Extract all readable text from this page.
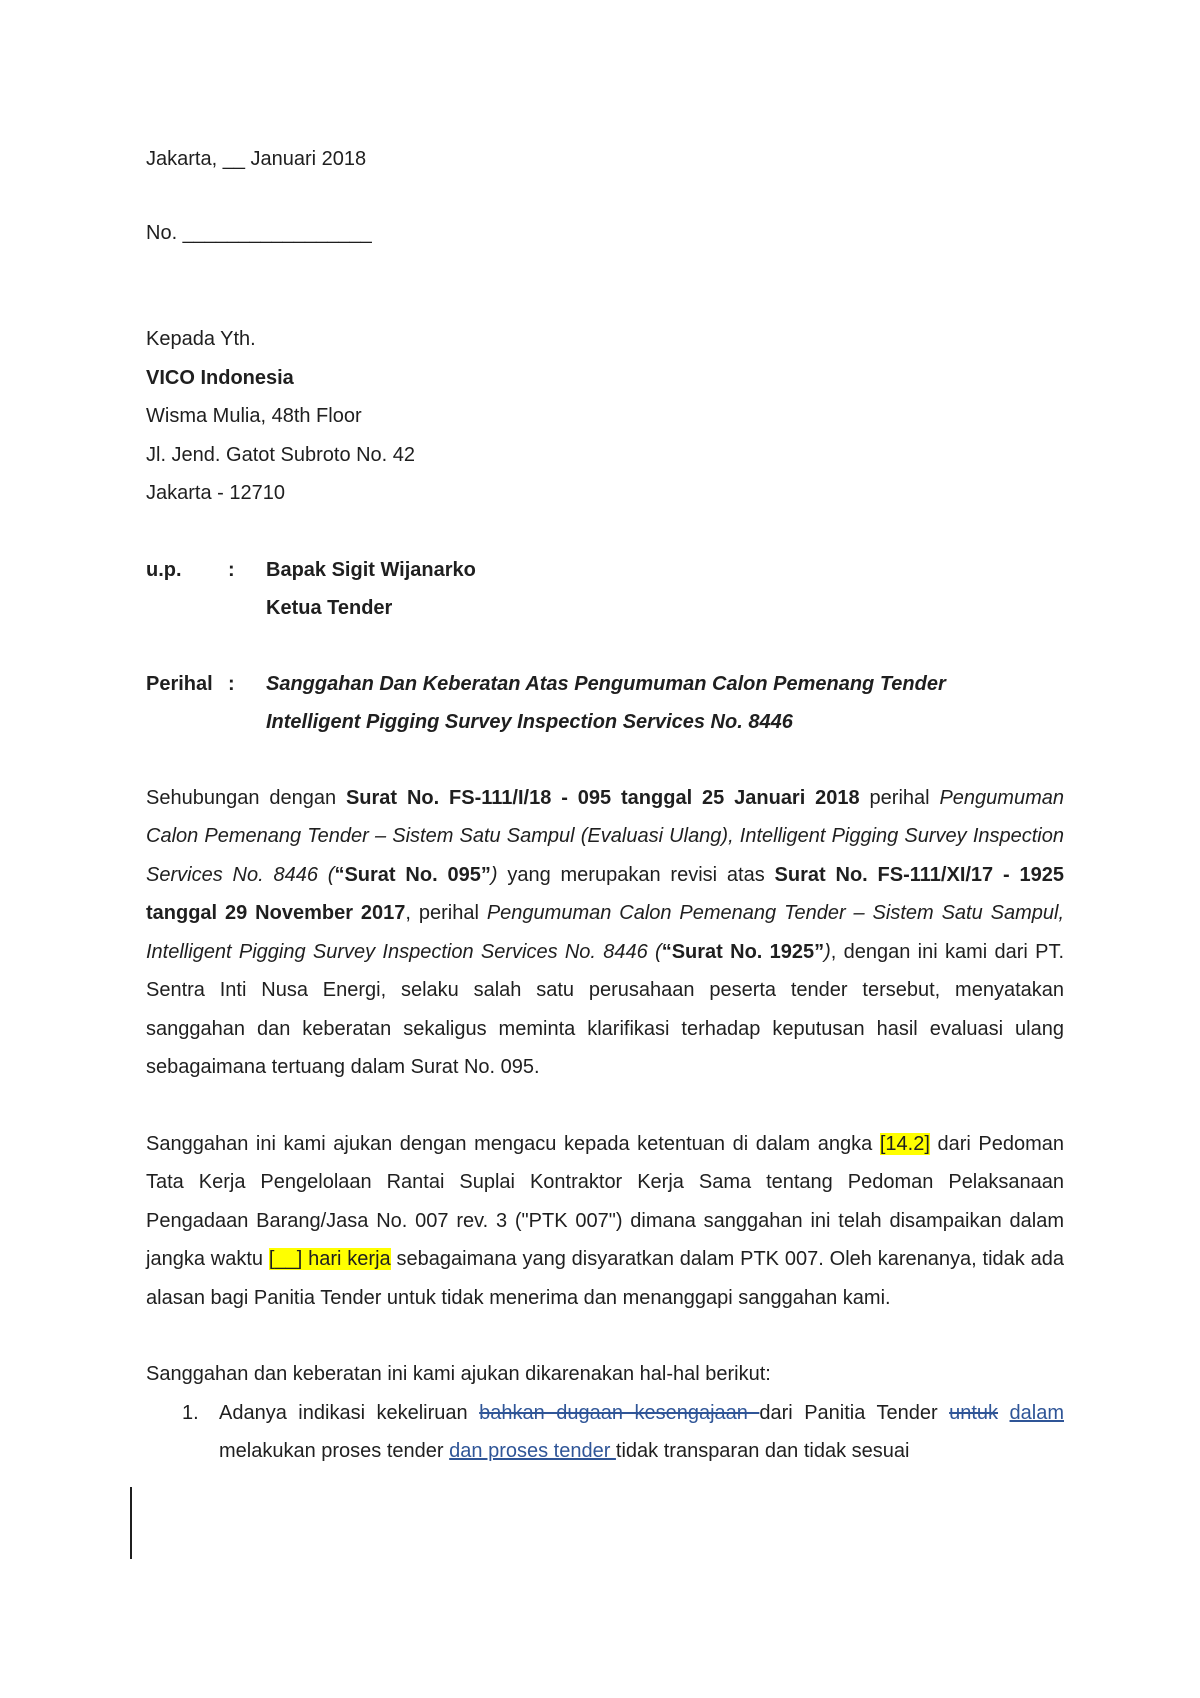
Jakarta, __ Januari 2018
No. _________________
Kepada Yth.
VICO Indonesia
Wisma Mulia, 48th Floor
Jl. Jend. Gatot Subroto No. 42
Jakarta - 12710
u.p.	:	Bapak Sigit Wijanarko
Ketua Tender
Perihal :	Sanggahan Dan Keberatan Atas Pengumuman Calon Pemenang Tender
Intelligent Pigging Survey Inspection Services No. 8446

Sehubungan dengan Surat No. FS-111/I/18 - 095 tanggal 25 Januari 2018 perihal Pengumuman Calon Pemenang Tender – Sistem Satu Sampul (Evaluasi Ulang), Intelligent Pigging Survey Inspection Services No. 8446 (“Surat No. 095”) yang merupakan revisi atas Surat No. FS-111/XI/17 - 1925 tanggal 29 November 2017, perihal Pengumuman Calon Pemenang Tender – Sistem Satu Sampul, Intelligent Pigging Survey Inspection Services No. 8446 (“Surat No. 1925”), dengan ini kami dari PT. Sentra Inti Nusa Energi, selaku salah satu perusahaan peserta tender tersebut, menyatakan sanggahan dan keberatan sekaligus meminta klarifikasi terhadap keputusan hasil evaluasi ulang sebagaimana tertuang dalam Surat No. 095.

Sanggahan ini kami ajukan dengan mengacu kepada ketentuan di dalam angka [14.2] dari Pedoman Tata Kerja Pengelolaan Rantai Suplai Kontraktor Kerja Sama tentang Pedoman Pelaksanaan Pengadaan Barang/Jasa No. 007 rev. 3 ("PTK 007") dimana sanggahan ini telah disampaikan dalam jangka waktu [__] hari kerja sebagaimana yang disyaratkan dalam PTK 007. Oleh karenanya, tidak ada alasan bagi Panitia Tender untuk tidak menerima dan menanggapi sanggahan kami.

Sanggahan dan keberatan ini kami ajukan dikarenakan hal-hal berikut:
1.	Adanya indikasi kekeliruan bahkan dugaan kesengajaan dari Panitia Tender untuk dalam melakukan proses tender dan proses tender tidak transparan dan tidak sesuai
